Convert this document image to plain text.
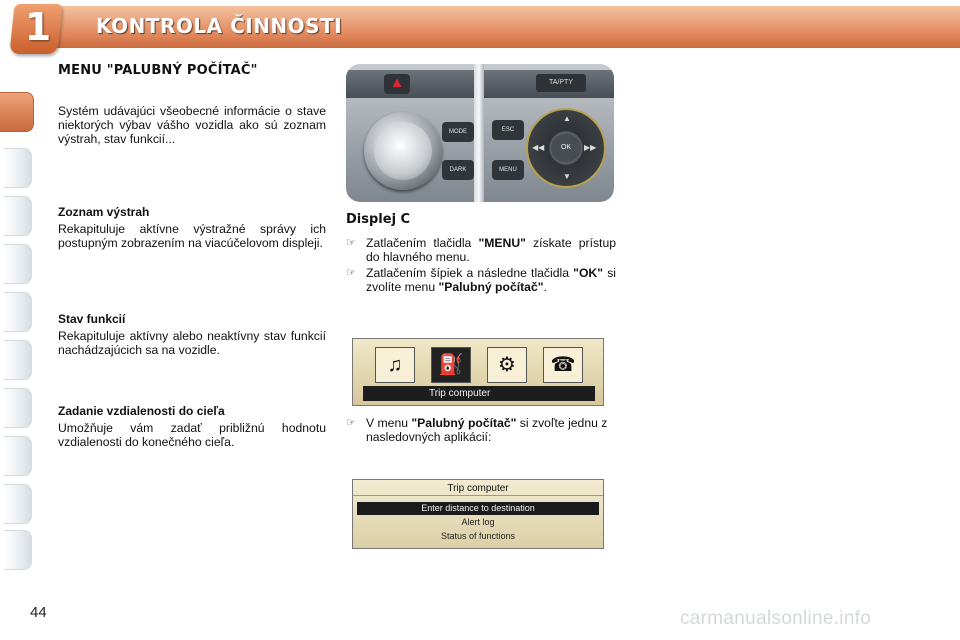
1	KONTROLA ČINNOSTI
MENU "PALUBNÝ POČÍTAČ"
Systém udávajúci všeobecné informácie o stave niektorých výbav vášho vozidla ako sú zoznam výstrah, stav funkcií...
Zoznam výstrah
Rekapituluje aktívne výstražné správy ich postupným zobrazením na viacúčelovom displeji.
Stav funkcií
Rekapituluje aktívny alebo neaktívny stav funkcií nachádzajúcich sa na vozidle.
Zadanie vzdialenosti do cieľa
Umožňuje vám zadať približnú hodnotu vzdialenosti do konečného cieľa.
▲	TA/PTY
MODE
DARK
ESC
MENU
OK
▲
▼
◀◀	▶▶
Displej C
☞ Zatlačením tlačidla "MENU" získate prístup do hlavného menu.
☞ Zatlačením šípiek a následne tlačidla "OK" si zvolíte menu "Palubný počítač".
♫	⛽	⚙	☎
Trip computer
☞ V menu "Palubný počítač" si zvoľte jednu z nasledovných aplikácií:
Trip computer
Enter distance to destination
Alert log
Status of functions
44	carmanualsonline.info
